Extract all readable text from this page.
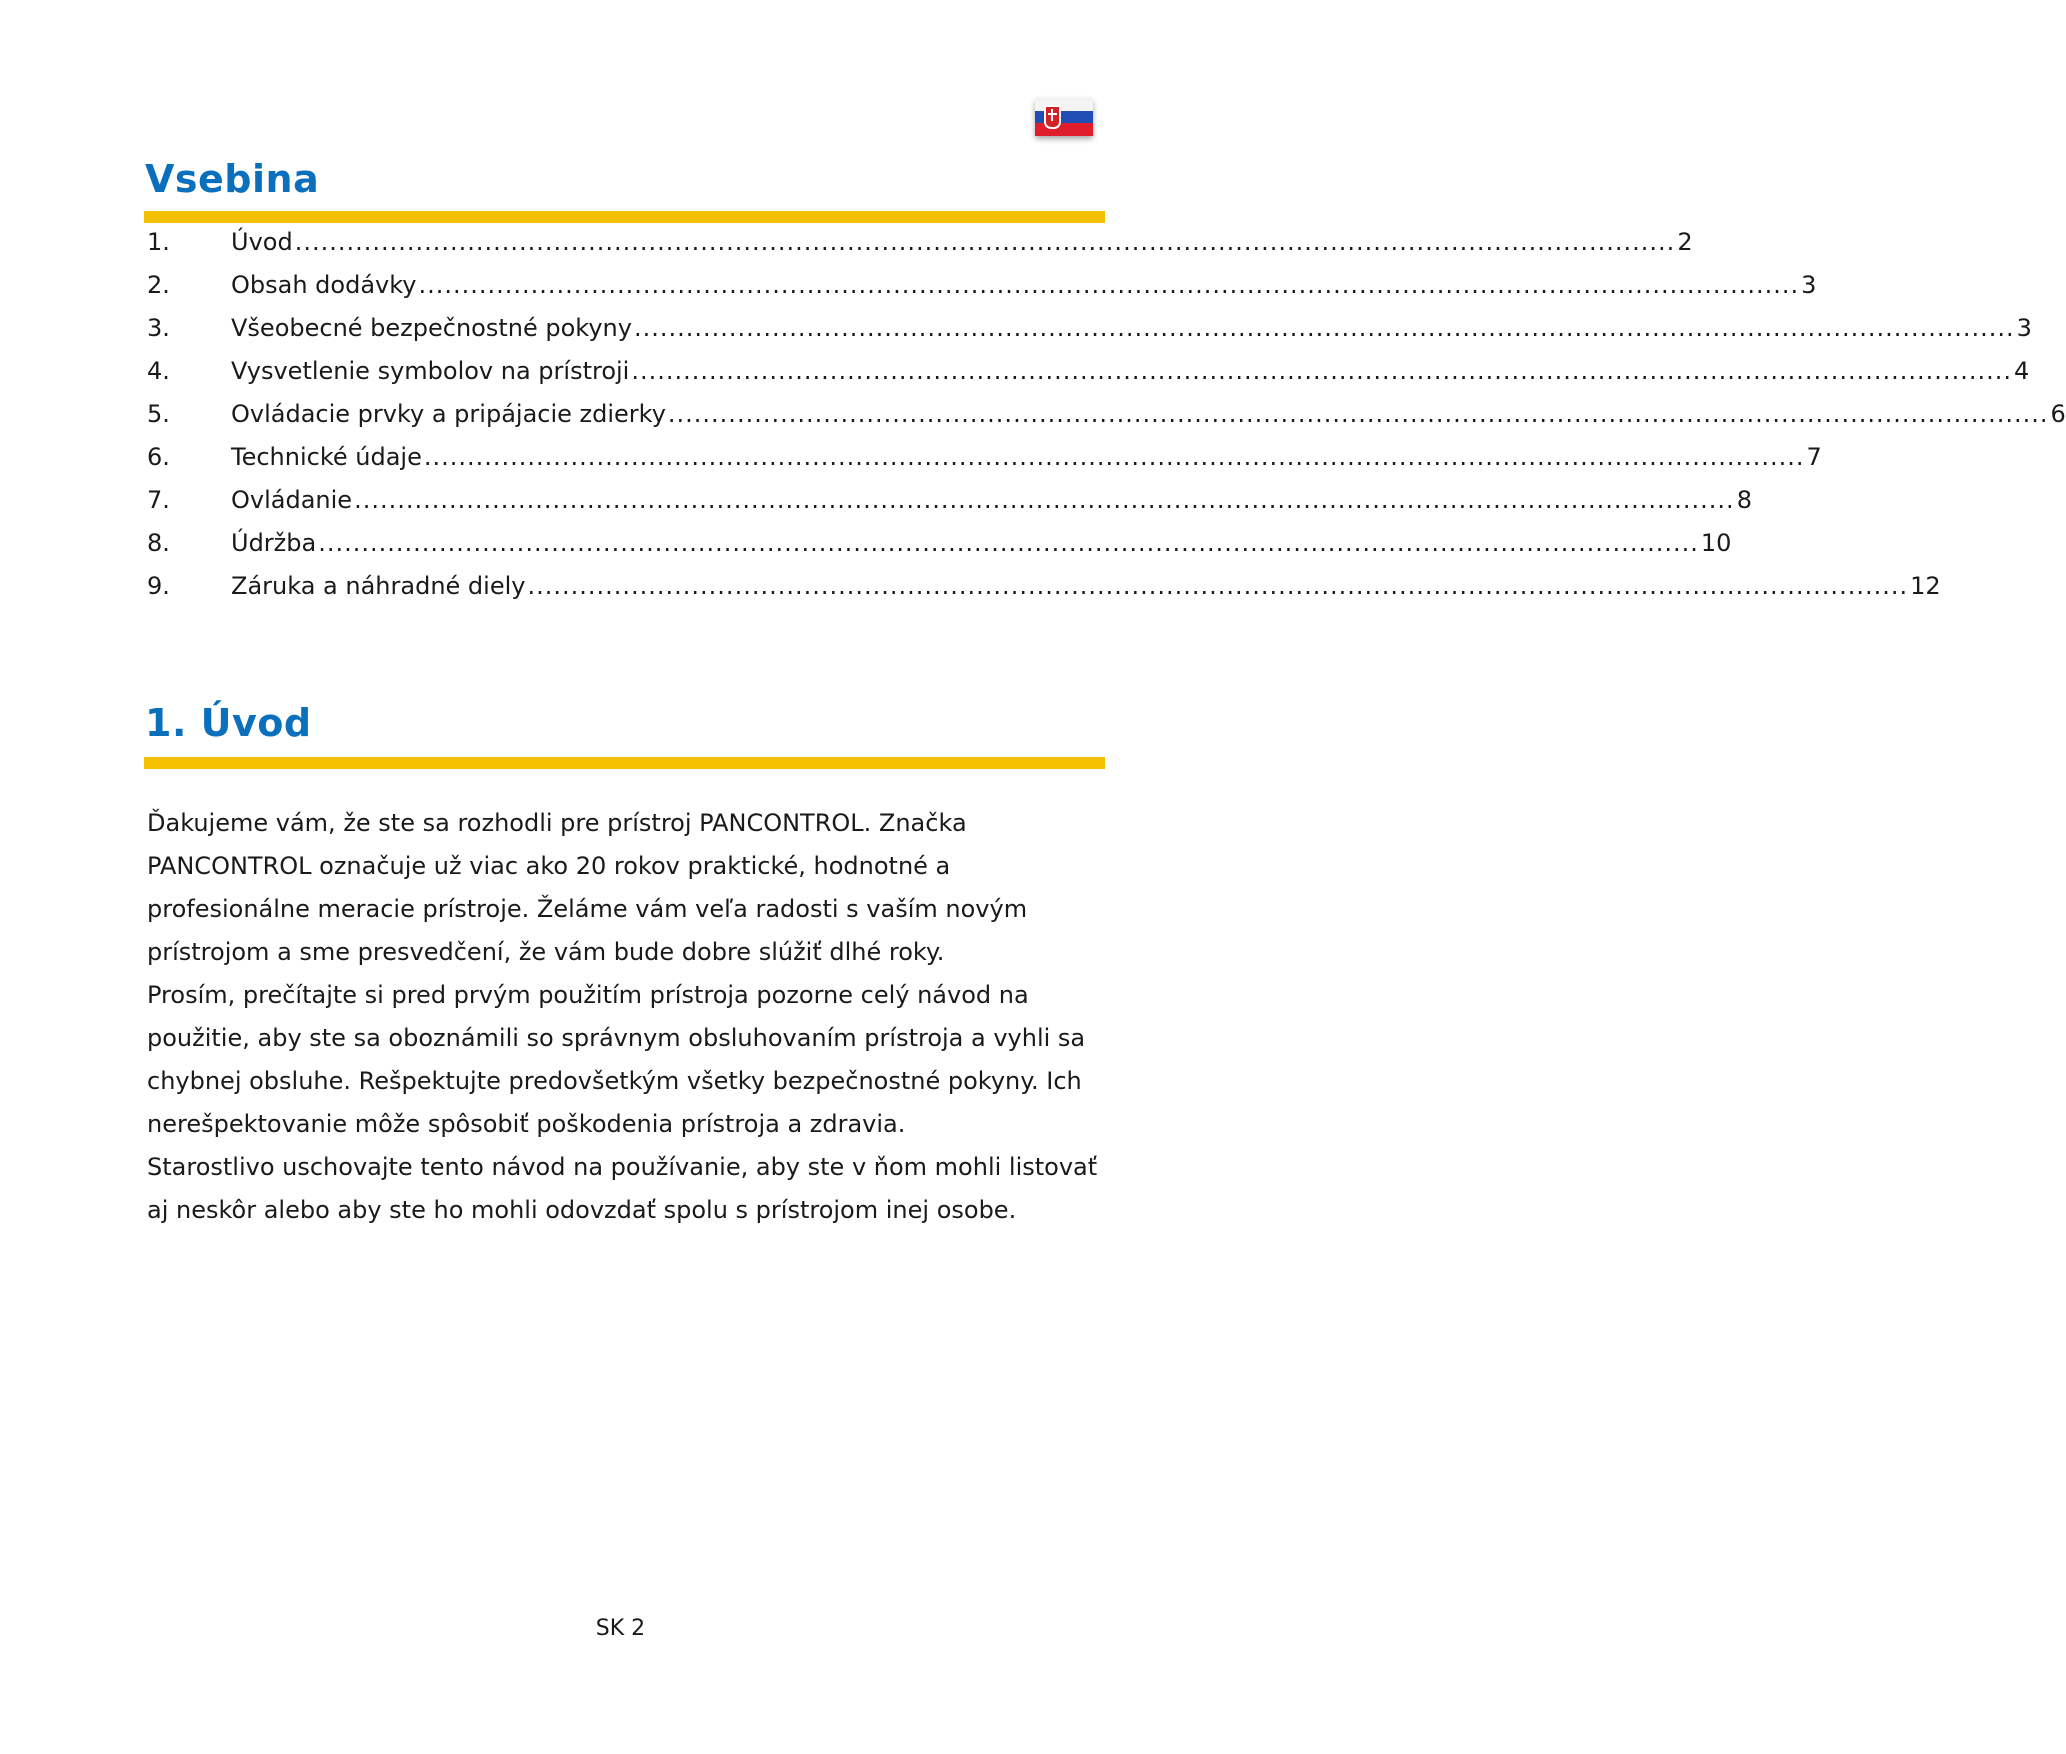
Vsebina
1.	Úvod ................................................................................................................................................................ 2
2.	Obsah dodávky ................................................................................................................................................................ 3
3.	Všeobecné bezpečnostné pokyny ................................................................................................................................................................ 3
4.	Vysvetlenie symbolov na prístroji ................................................................................................................................................................ 4
5.	Ovládacie prvky a pripájacie zdierky ................................................................................................................................................................ 6
6.	Technické údaje ................................................................................................................................................................ 7
7.	Ovládanie ................................................................................................................................................................ 8
8.	Údržba ................................................................................................................................................................ 10
9.	Záruka a náhradné diely ................................................................................................................................................................ 12
1. Úvod

Ďakujeme vám, že ste sa rozhodli pre prístroj PANCONTROL. Značka PANCONTROL označuje už viac ako 20 rokov praktické, hodnotné a profesionálne meracie prístroje. Želáme vám veľa radosti s vaším novým prístrojom a sme presvedčení, že vám bude dobre slúžiť dlhé roky.

Prosím, prečítajte si pred prvým použitím prístroja pozorne celý návod na použitie, aby ste sa oboznámili so správnym obsluhovaním prístroja a vyhli sa chybnej obsluhe. Rešpektujte predovšetkým všetky bezpečnostné pokyny. Ich nerešpektovanie môže spôsobiť poškodenia prístroja a zdravia.

Starostlivo uschovajte tento návod na používanie, aby ste v ňom mohli listovať aj neskôr alebo aby ste ho mohli odovzdať spolu s prístrojom inej osobe.

SK 2
